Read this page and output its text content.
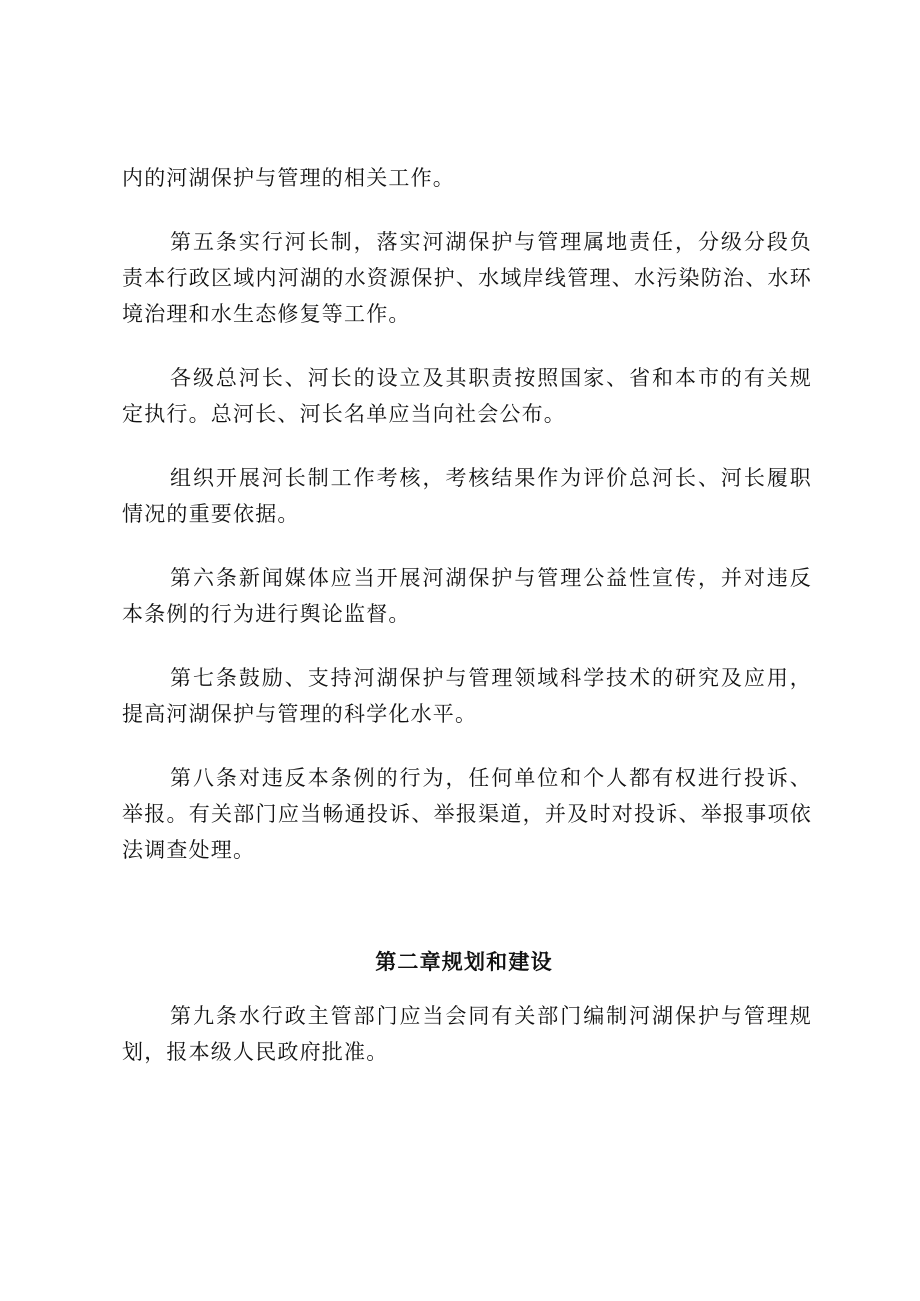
内的河湖保护与管理的相关工作。

第五条实行河长制，落实河湖保护与管理属地责任，分级分段负责本行政区域内河湖的水资源保护、水域岸线管理、水污染防治、水环境治理和水生态修复等工作。

各级总河长、河长的设立及其职责按照国家、省和本市的有关规定执行。总河长、河长名单应当向社会公布。

组织开展河长制工作考核，考核结果作为评价总河长、河长履职情况的重要依据。

第六条新闻媒体应当开展河湖保护与管理公益性宣传，并对违反本条例的行为进行舆论监督。

第七条鼓励、支持河湖保护与管理领域科学技术的研究及应用，提高河湖保护与管理的科学化水平。

第八条对违反本条例的行为，任何单位和个人都有权进行投诉、举报。有关部门应当畅通投诉、举报渠道，并及时对投诉、举报事项依法调查处理。

第二章规划和建设

第九条水行政主管部门应当会同有关部门编制河湖保护与管理规划，报本级人民政府批准。
